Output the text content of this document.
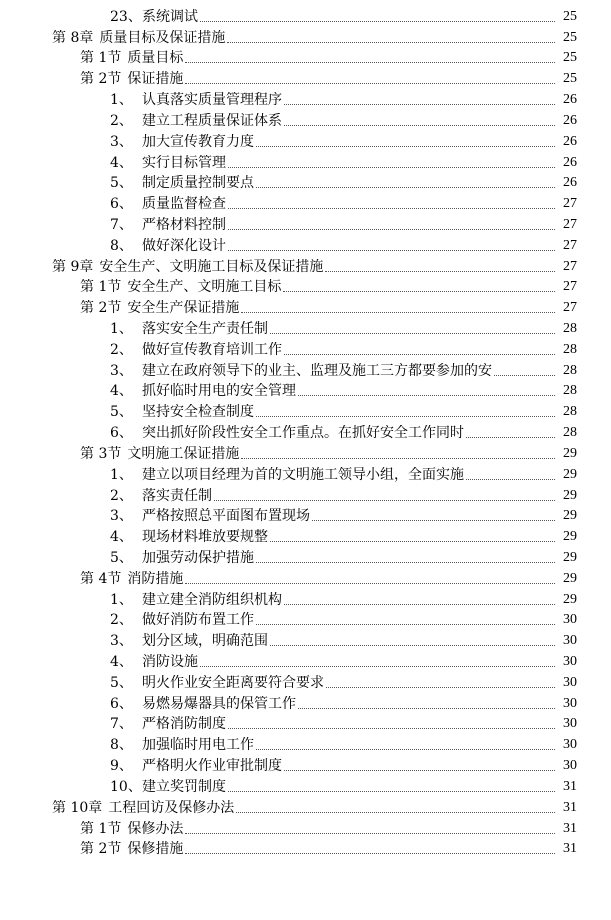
23、 系统调试	25
第 8章 质量目标及保证措施	25
第 1节 质量目标	25
第 2节 保证措施	25
1、 认真落实质量管理程序	26
2、 建立工程质量保证体系	26
3、 加大宣传教育力度	26
4、 实行目标管理	26
5、 制定质量控制要点	26
6、 质量监督检查	27
7、 严格材料控制	27
8、 做好深化设计	27
第 9章 安全生产、文明施工目标及保证措施	27
第 1节 安全生产、文明施工目标	27
第 2节 安全生产保证措施	27
1、 落实安全生产责任制	28
2、 做好宣传教育培训工作	28
3、 建立在政府领导下的业主、监理及施工三方都要参加的安	28
4、 抓好临时用电的安全管理	28
5、 坚持安全检查制度	28
6、 突出抓好阶段性安全工作重点。在抓好安全工作同时	28
第 3节 文明施工保证措施	29
1、 建立以项目经理为首的文明施工领导小组，全面实施	29
2、 落实责任制	29
3、 严格按照总平面图布置现场	29
4、 现场材料堆放要规整	29
5、 加强劳动保护措施	29
第 4节 消防措施	29
1、 建立建全消防组织机构	29
2、 做好消防布置工作	30
3、 划分区域，明确范围	30
4、 消防设施	30
5、 明火作业安全距离要符合要求	30
6、 易燃易爆器具的保管工作	30
7、 严格消防制度	30
8、 加强临时用电工作	30
9、 严格明火作业审批制度	30
10、 建立奖罚制度	31
第 10章 工程回访及保修办法	31
第 1节 保修办法	31
第 2节 保修措施	31
